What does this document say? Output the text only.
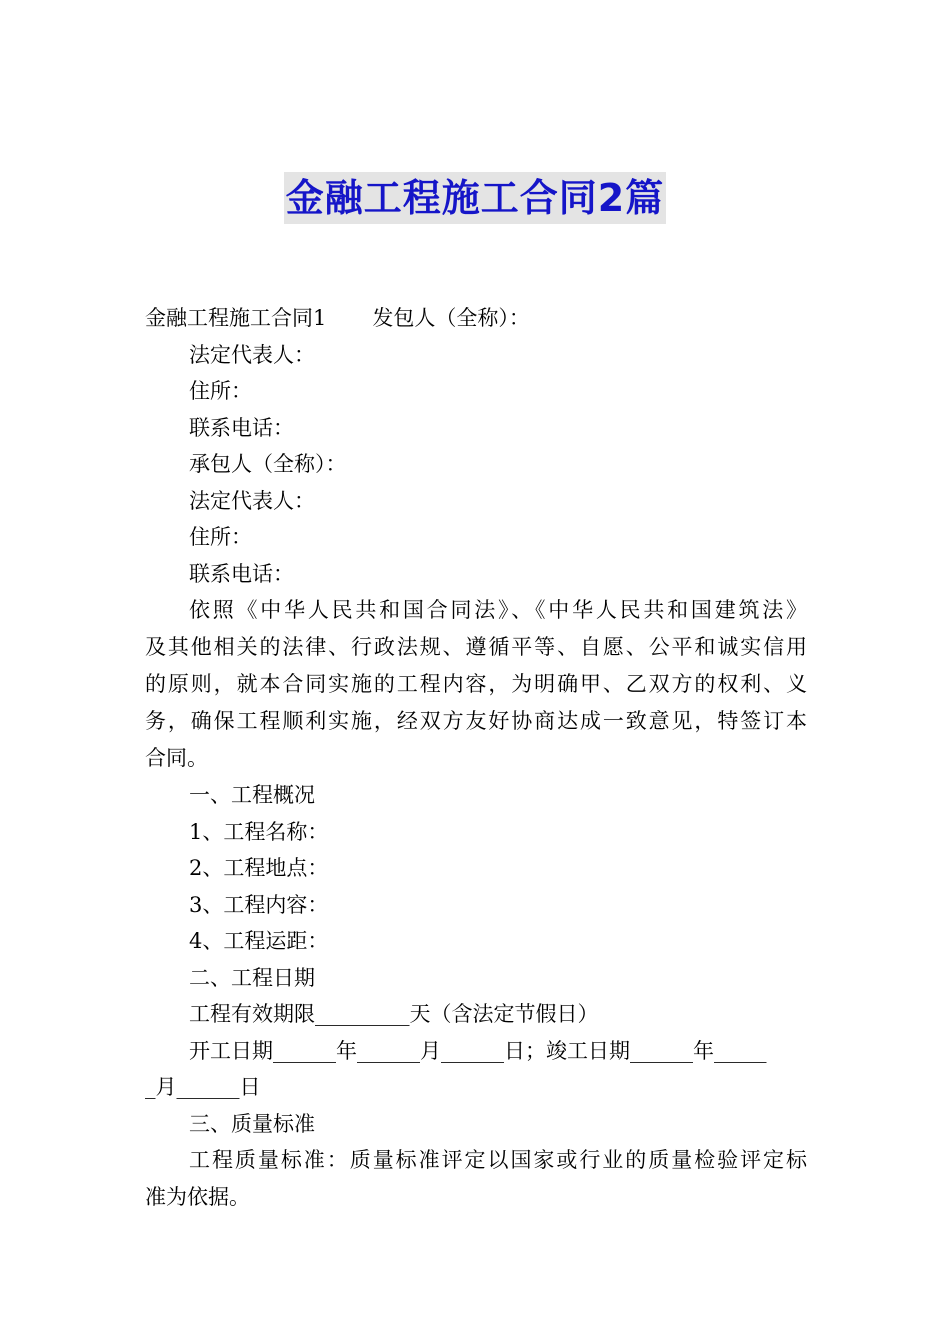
金融工程施工合同2篇
金融工程施工合同1 发包人（全称）：
法定代表人：
住所：
联系电话：
承包人（全称）：
法定代表人：
住所：
联系电话：
依照《中华人民共和国合同法》、《中华人民共和国建筑法》
及其他相关的法律、行政法规、遵循平等、自愿、公平和诚实信用
的原则，就本合同实施的工程内容，为明确甲、乙双方的权利、义
务，确保工程顺利实施，经双方友好协商达成一致意见，特签订本
合同。
一、工程概况
1、工程名称：
2、工程地点：
3、工程内容：
4、工程运距：
二、工程日期
工程有效期限_________天（含法定节假日）
开工日期______年______月______日；竣工日期______年_____
_月______日
三、质量标准
工程质量标准：质量标准评定以国家或行业的质量检验评定标
准为依据。
